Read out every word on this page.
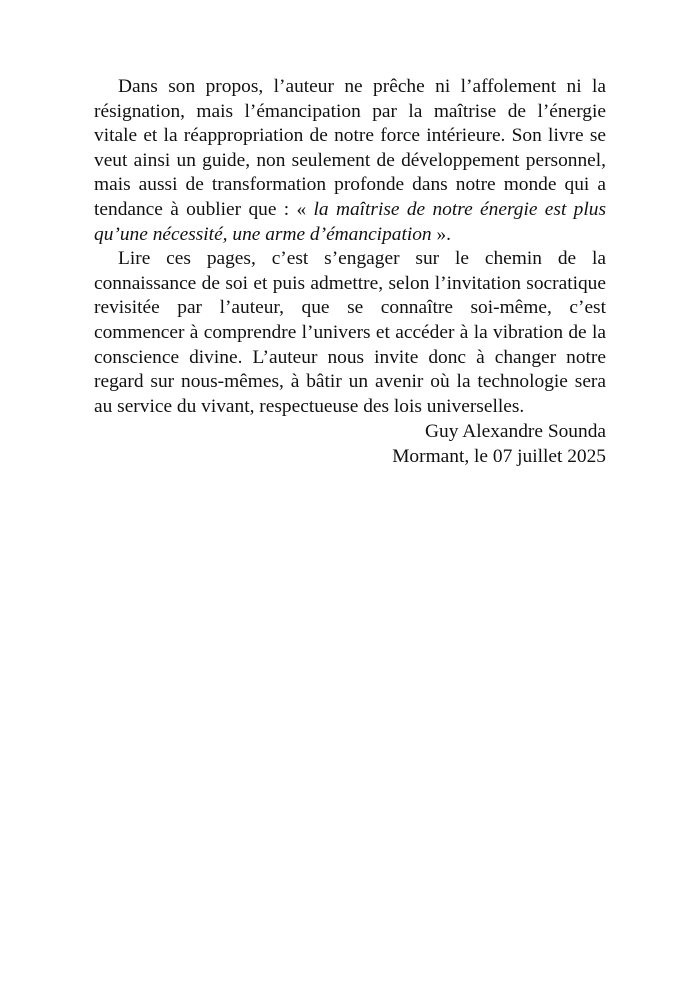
Dans son propos, l’auteur ne prêche ni l’affolement ni la résignation, mais l’émancipation par la maîtrise de l’énergie vitale et la réappropriation de notre force intérieure. Son livre se veut ainsi un guide, non seulement de développement personnel, mais aussi de transformation profonde dans notre monde qui a tendance à oublier que : « la maîtrise de notre énergie est plus qu’une nécessité, une arme d’émancipation ».

Lire ces pages, c’est s’engager sur le chemin de la connaissance de soi et puis admettre, selon l’invitation socratique revisitée par l’auteur, que se connaître soi-même, c’est commencer à comprendre l’univers et accéder à la vibration de la conscience divine. L’auteur nous invite donc à changer notre regard sur nous-mêmes, à bâtir un avenir où la technologie sera au service du vivant, respectueuse des lois universelles.

Guy Alexandre Sounda
Mormant, le 07 juillet 2025
